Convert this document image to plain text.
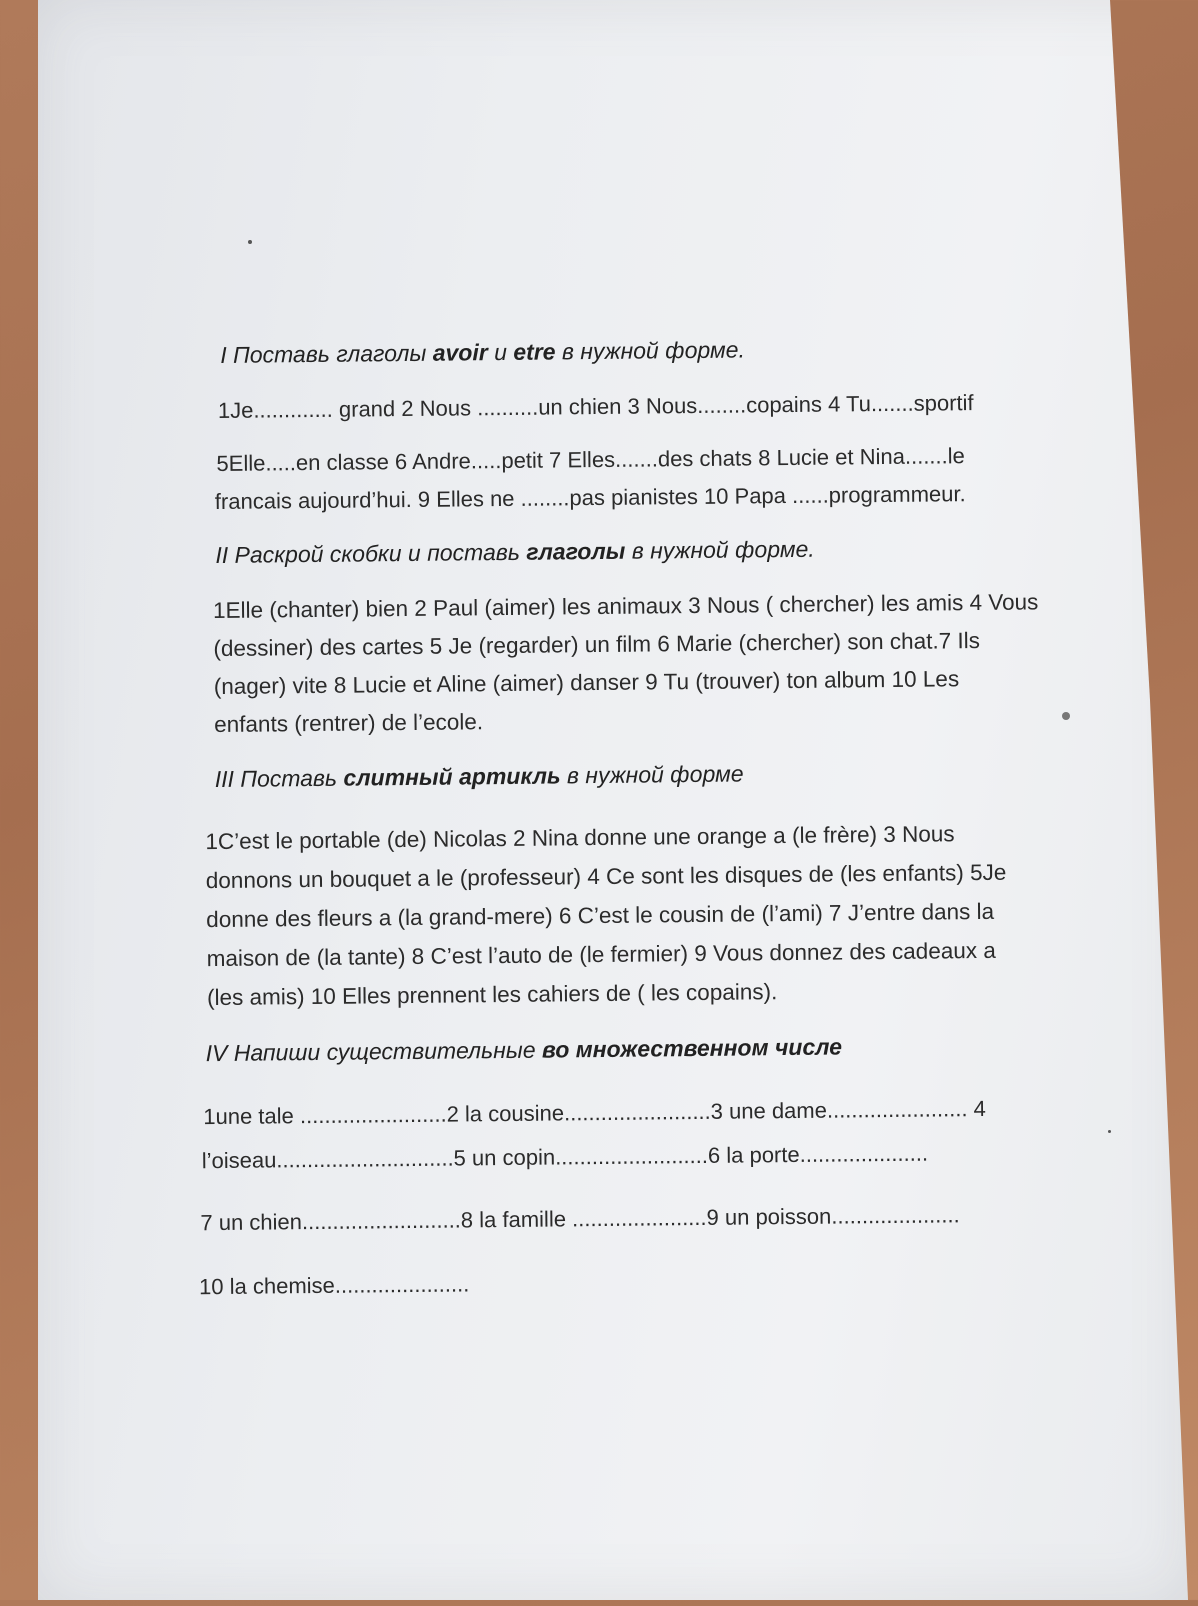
I Поставь глаголы avoir и etre в нужной форме.
1Je............. grand 2 Nous ..........un chien 3 Nous........copains 4 Tu.......sportif
5Elle.....en classe 6 Andre.....petit 7 Elles.......des chats 8 Lucie et Nina.......le
francais aujourd’hui. 9 Elles ne ........pas pianistes 10 Papa ......programmeur.
II Раскрой скобки и поставь глаголы в нужной форме.
1Elle (chanter) bien 2 Paul (aimer) les animaux 3 Nous ( chercher) les amis 4 Vous
(dessiner) des cartes 5 Je (regarder) un film 6 Marie (chercher) son chat.7 Ils
(nager) vite 8 Lucie et Aline (aimer) danser 9 Tu (trouver) ton album 10 Les
enfants (rentrer) de l’ecole.
III Поставь слитный артикль в нужной форме
1C’est le portable (de) Nicolas 2 Nina donne une orange a (le frère) 3 Nous
donnons un bouquet a le (professeur) 4 Ce sont les disques de (les enfants) 5Je
donne des fleurs a (la grand-mere) 6 C’est le cousin de (l’ami) 7 J’entre dans la
maison de (la tante) 8 C’est l’auto de (le fermier) 9 Vous donnez des cadeaux a
(les amis) 10 Elles prennent les cahiers de ( les copains).
IV Напиши существительные во множественном числе
1une tale ........................2 la cousine........................3 une dame....................... 4
l’oiseau.............................5 un copin.........................6 la porte.....................
7 un chien..........................8 la famille ......................9 un poisson.....................
10 la chemise......................
